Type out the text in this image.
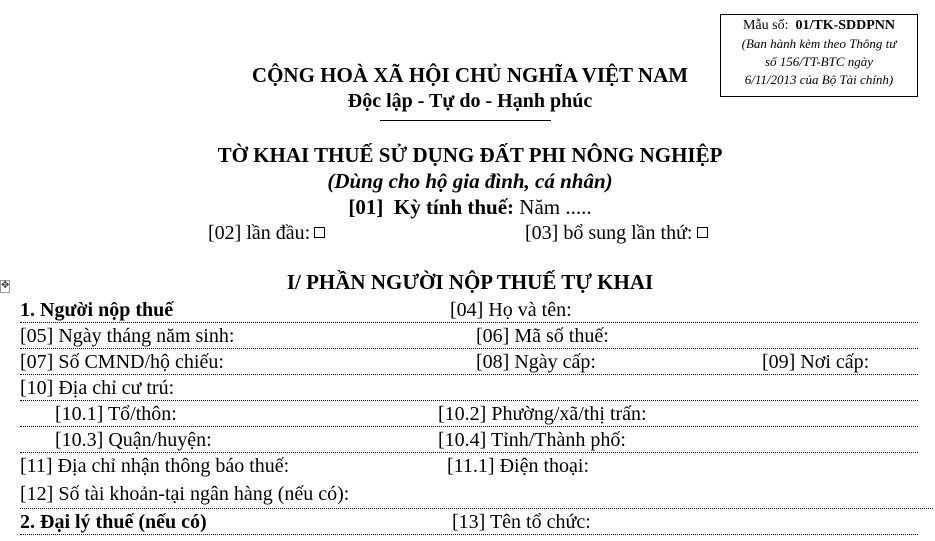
Mẫu số: 01/TK-SDDPNN
(Ban hành kèm theo Thông tư
số 156/TT-BTC ngày
6/11/2013 của Bộ Tài chính)
CỘNG HOÀ XÃ HỘI CHỦ NGHĨA VIỆT NAM
Độc lập - Tự do - Hạnh phúc
TỜ KHAI THUẾ SỬ DỤNG ĐẤT PHI NÔNG NGHIỆP
(Dùng cho hộ gia đình, cá nhân)
[01] Kỳ tính thuế: Năm .....
[02] lần đầu:	[03] bổ sung lần thứ:
✥	I/ PHẦN NGƯỜI NỘP THUẾ TỰ KHAI
1. Người nộp thuế	[04] Họ và tên:
[05] Ngày tháng năm sinh:	[06] Mã số thuế:
[07] Số CMND/hộ chiếu:	[08] Ngày cấp:	[09] Nơi cấp:
[10] Địa chỉ cư trú:
[10.1] Tổ/thôn:	[10.2] Phường/xã/thị trấn:
[10.3] Quận/huyện:	[10.4] Tỉnh/Thành phố:
[11] Địa chỉ nhận thông báo thuế:	[11.1] Điện thoại:
[12] Số tài khoản-tại ngân hàng (nếu có):
2. Đại lý thuế (nếu có)	[13] Tên tổ chức:
